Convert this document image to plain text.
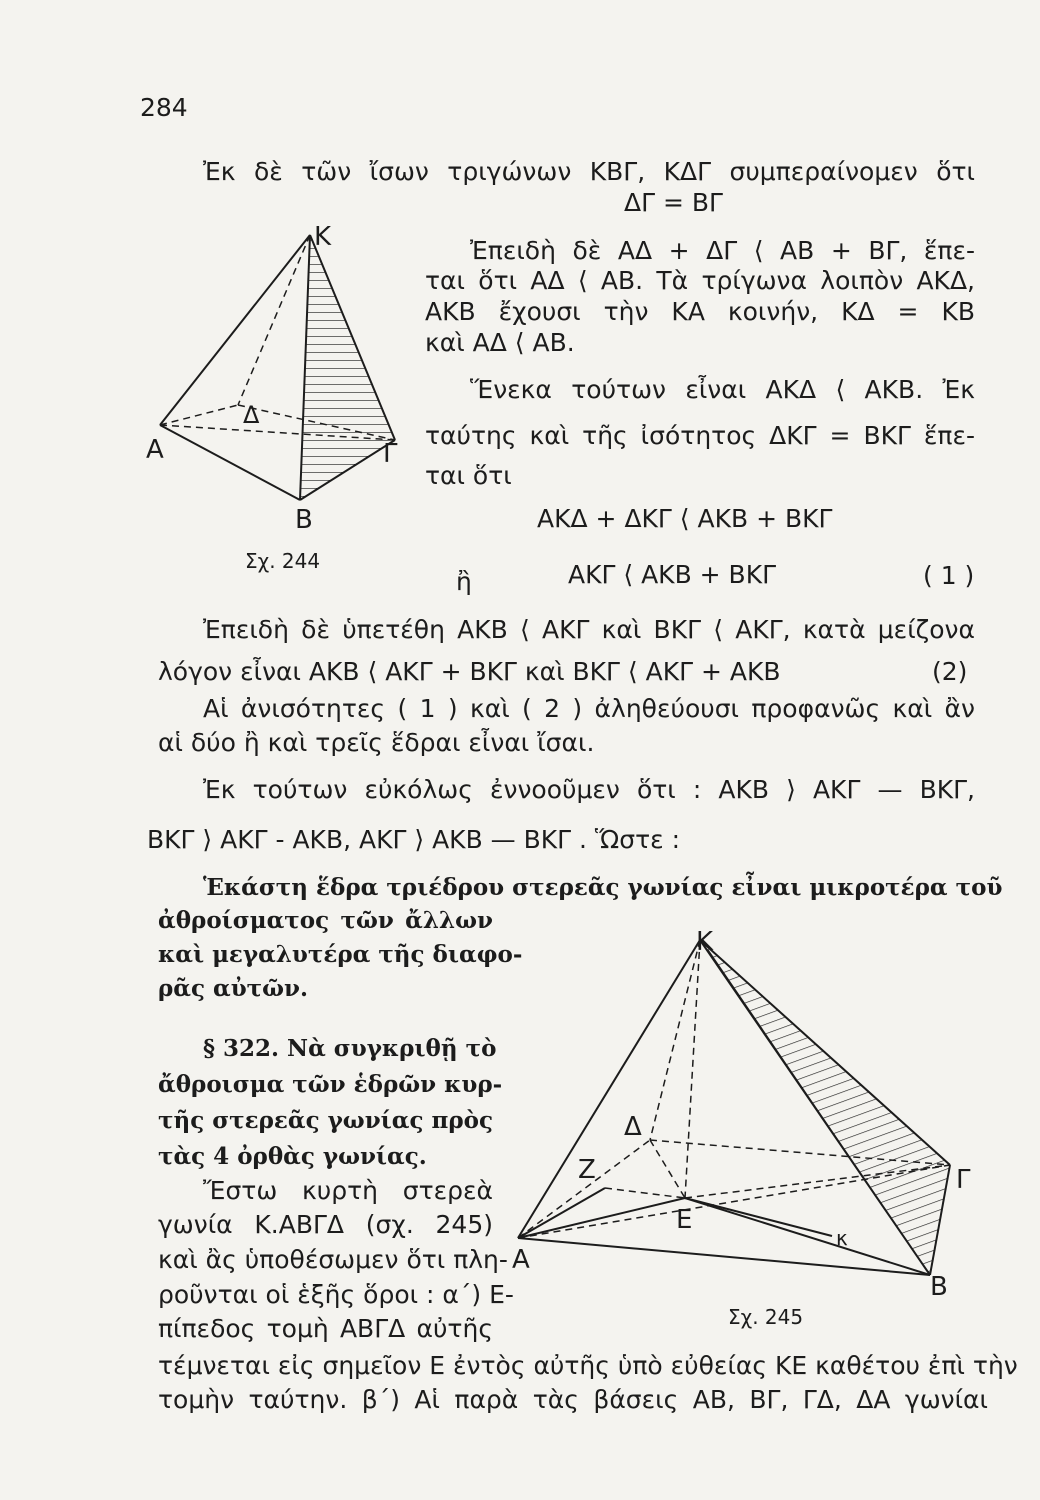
284
Ἐκ δὲ τῶν ἴσων τριγώνων ΚΒΓ, ΚΔΓ συμπεραίνομεν ὅτι
ΔΓ = ΒΓ
Ἐπειδὴ δὲ ΑΔ + ΔΓ ⟨ ΑΒ + ΒΓ, ἕπε-
ται ὅτι ΑΔ ⟨ ΑΒ. Τὰ τρίγωνα λοιπὸν ΑΚΔ,
ΑΚΒ ἔχουσι τὴν ΚΑ κοινήν, ΚΔ = ΚΒ
καὶ ΑΔ ⟨ ΑΒ.
Ἕνεκα τούτων εἶναι ΑΚΔ ⟨ ΑΚΒ. Ἐκ
ταύτης καὶ τῆς ἰσότητος ΔΚΓ = ΒΚΓ ἕπε-
ται ὅτι
ΑΚΔ + ΔΚΓ ⟨ ΑΚΒ + ΒΚΓ
ἢ	ΑΚΓ ⟨ ΑΚΒ + ΒΚΓ	( 1 )
Ἐπειδὴ δὲ ὑπετέθη ΑΚΒ ⟨ ΑΚΓ καὶ ΒΚΓ ⟨ ΑΚΓ, κατὰ μείζονα
λόγον εἶναι ΑΚΒ ⟨ ΑΚΓ + ΒΚΓ καὶ ΒΚΓ ⟨ ΑΚΓ + ΑΚΒ	(2)
Αἱ ἀνισότητες ( 1 ) καὶ ( 2 ) ἀληθεύουσι προφανῶς καὶ ἂν
αἱ δύο ἢ καὶ τρεῖς ἕδραι εἶναι ἴσαι.
Ἐκ τούτων εὐκόλως ἐννοοῦμεν ὅτι : ΑΚΒ ⟩ ΑΚΓ — ΒΚΓ,
ΒΚΓ ⟩ ΑΚΓ - ΑΚΒ, ΑΚΓ ⟩ ΑΚΒ — ΒΚΓ . Ὥστε :
Ἑκάστη ἕδρα τριέδρου στερεᾶς γωνίας εἶναι μικροτέρα τοῦ
ἀθροίσματος τῶν ἄλλων
καὶ μεγαλυτέρα τῆς διαφο-
ρᾶς αὐτῶν.
§ 322. Νὰ συγκριθῇ τὸ
ἄθροισμα τῶν ἑδρῶν κυρ-
τῆς στερεᾶς γωνίας πρὸς
τὰς 4 ὀρθὰς γωνίας.
Ἔστω κυρτὴ στερεὰ
γωνία Κ.ΑΒΓΔ (σχ. 245)
καὶ ἂς ὑποθέσωμεν ὅτι πλη-
ροῦνται οἱ ἑξῆς ὅροι : α΄) Ε-
πίπεδος τομὴ ΑΒΓΔ αὐτῆς
τέμνεται εἰς σημεῖον Ε ἐντὸς αὐτῆς ὑπὸ εὐθείας ΚΕ καθέτου ἐπὶ τὴν
τομὴν ταύτην. β΄) Αἱ παρὰ τὰς βάσεις ΑΒ, ΒΓ, ΓΔ, ΔΑ γωνίαι
Κ
Α
Δ
Γ
Β
Σχ. 244
Κ
Δ
Ζ
Ε
κ
Γ
Α
Β
Σχ. 245
